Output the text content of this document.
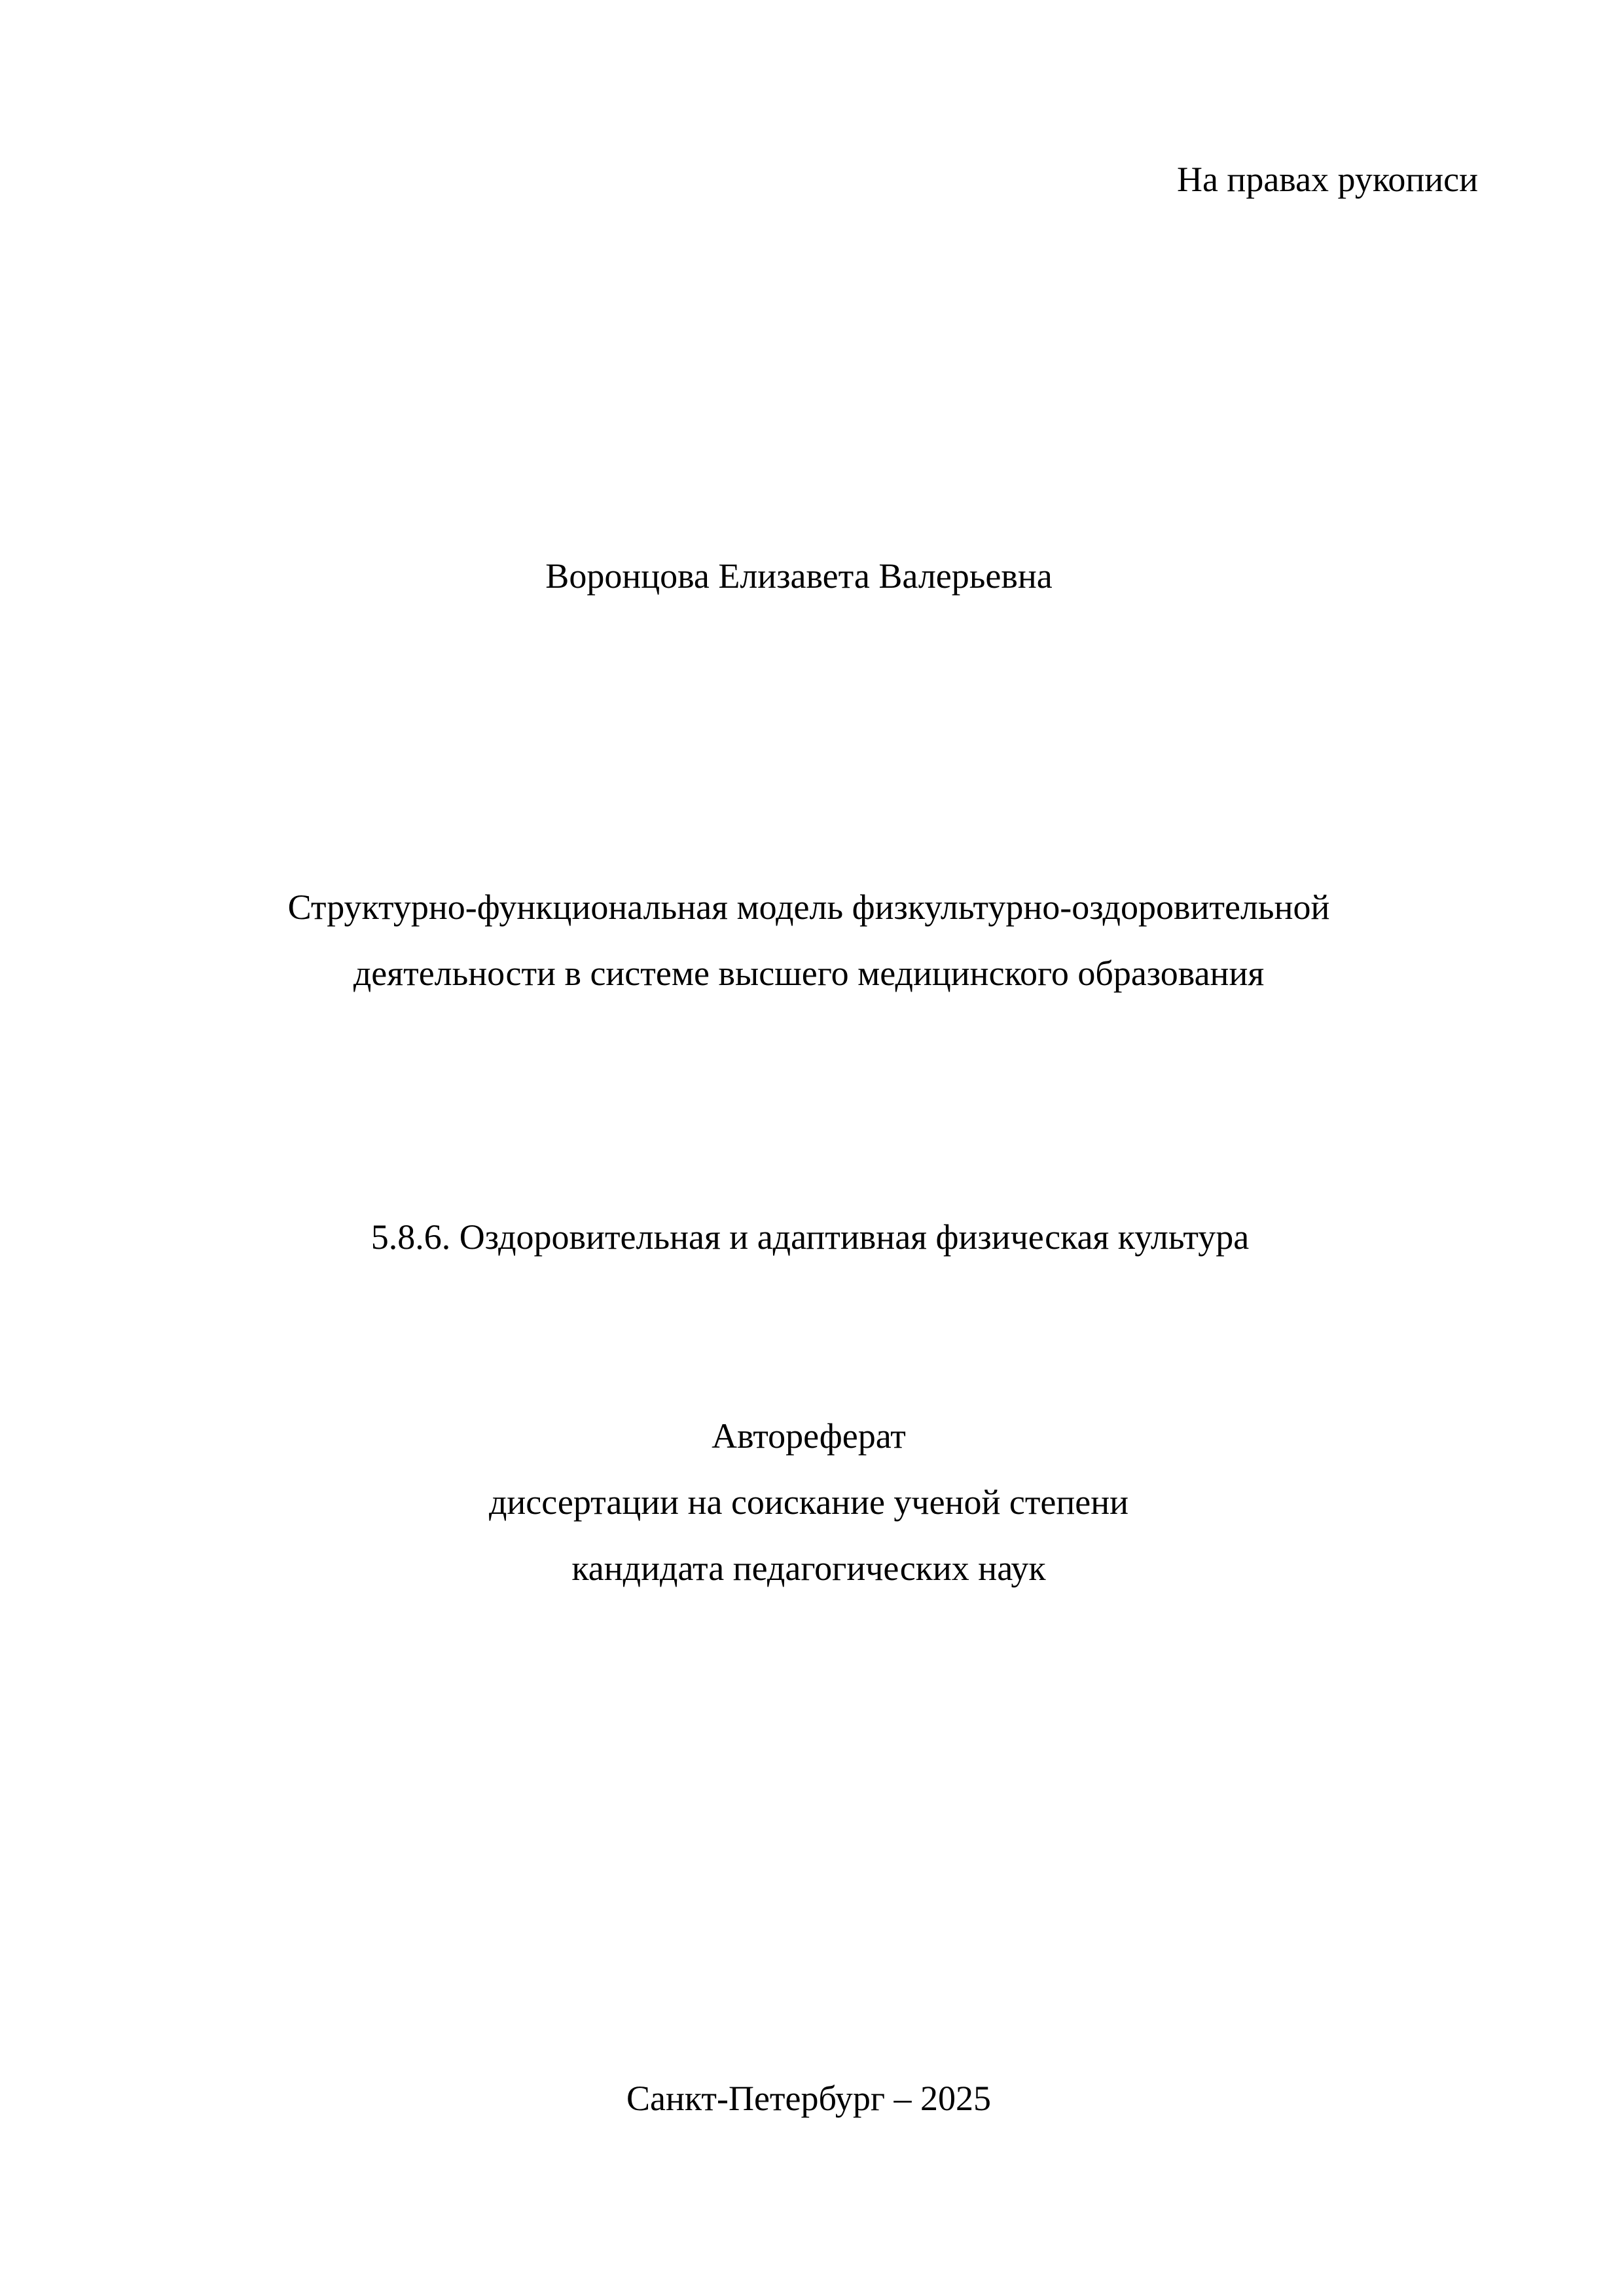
На правах рукописи
Воронцова Елизавета Валерьевна
Структурно-функциональная модель физкультурно-оздоровительной
деятельности в системе высшего медицинского образования
5.8.6. Оздоровительная и адаптивная физическая культура
Автореферат
диссертации на соискание ученой степени
кандидата педагогических наук
Санкт-Петербург – 2025
